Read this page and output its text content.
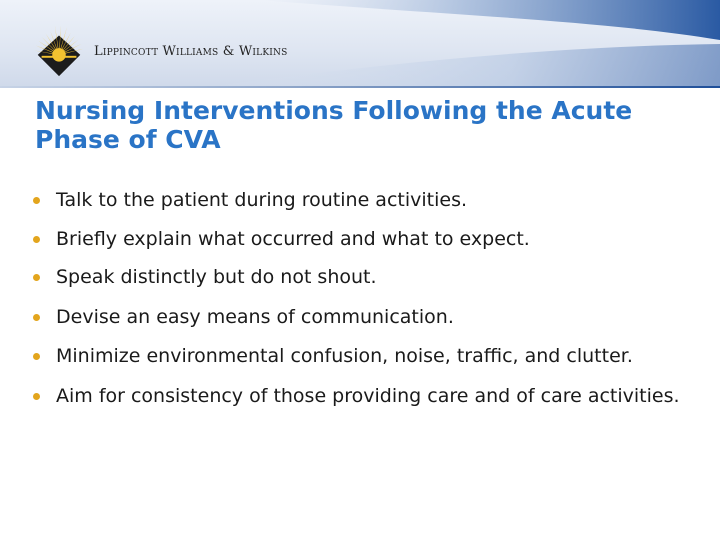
Lippincott Williams & Wilkins
Nursing Interventions Following the Acute Phase of CVA
Talk to the patient during routine activities.
Briefly explain what occurred and what to expect.
Speak distinctly but do not shout.
Devise an easy means of communication.
Minimize environmental confusion, noise, traffic, and clutter.
Aim for consistency of those providing care and of care activities.
